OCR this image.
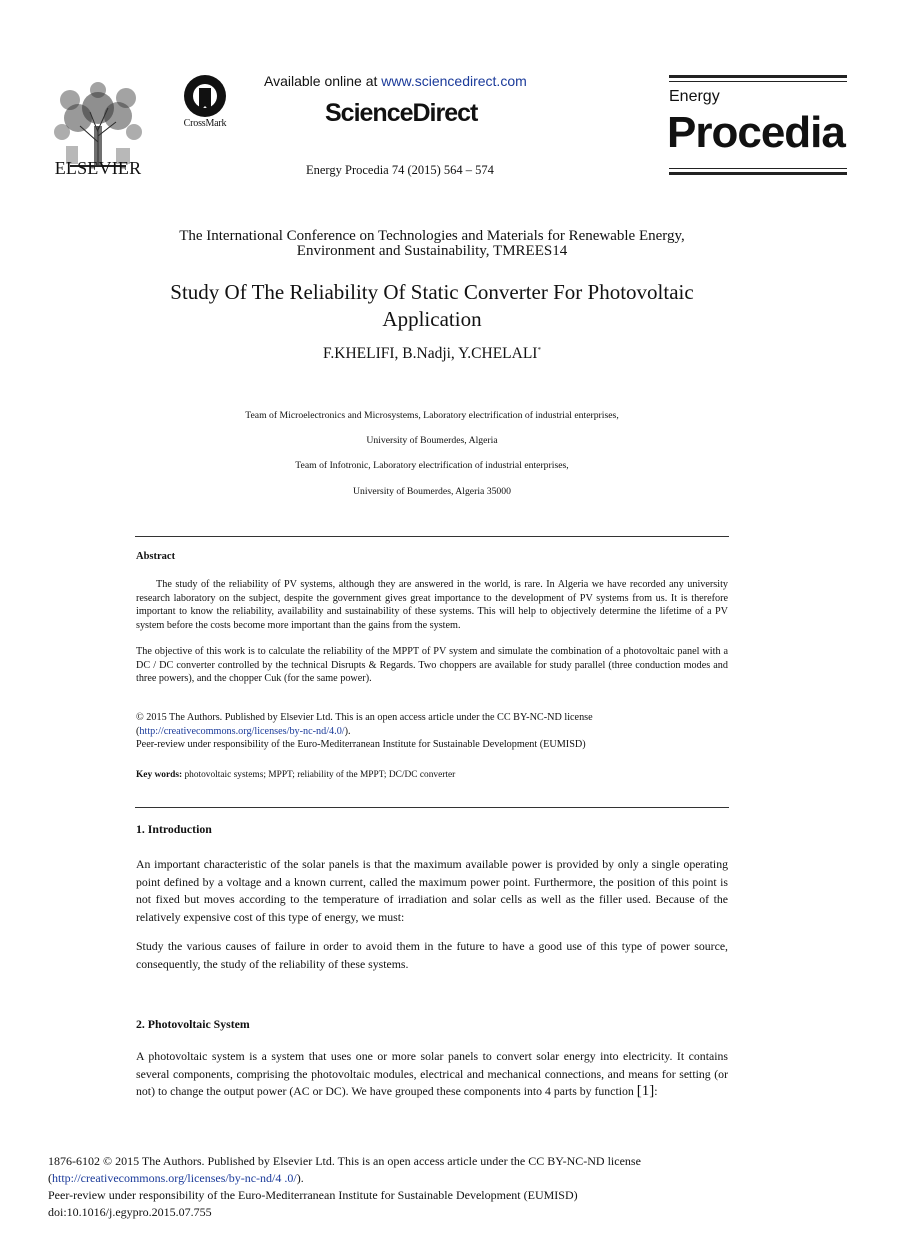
ELSEVIER
CrossMark
Available online at www.sciencedirect.com
ScienceDirect
Energy Procedia 74 (2015) 564 – 574
Energy
Procedia
The International Conference on Technologies and Materials for Renewable Energy,
Environment and Sustainability, TMREES14
Study Of The Reliability Of Static Converter For Photovoltaic
Application
F.KHELIFI, B.Nadji, Y.CHELALI*
Team of Microelectronics and Microsystems, Laboratory electrification of industrial enterprises,
University of Boumerdes, Algeria
Team of Infotronic, Laboratory electrification of industrial enterprises,
University of Boumerdes, Algeria 35000
Abstract
The study of the reliability of PV systems, although they are answered in the world, is rare. In Algeria we have recorded any university research laboratory on the subject, despite the government gives great importance to the development of PV systems from us. It is therefore important to know the reliability, availability and sustainability of these systems. This will help to objectively determine the lifetime of a PV system before the costs become more important than the gains from the system.
The objective of this work is to calculate the reliability of the MPPT of PV system and simulate the combination of a photovoltaic panel with a DC / DC converter controlled by the technical Disrupts & Regards. Two choppers are available for study parallel (three conduction modes and three powers), and the chopper Cuk (for the same power).
© 2015 The Authors. Published by Elsevier Ltd. This is an open access article under the CC BY-NC-ND license
(http://creativecommons.org/licenses/by-nc-nd/4.0/).
Peer-review under responsibility of the Euro-Mediterranean Institute for Sustainable Development (EUMISD)
Key words: photovoltaic systems; MPPT; reliability of the MPPT; DC/DC converter
1. Introduction
An important characteristic of the solar panels is that the maximum available power is provided by only a single operating point defined by a voltage and a known current, called the maximum power point. Furthermore, the position of this point is not fixed but moves according to the temperature of irradiation and solar cells as well as the filler used. Because of the relatively expensive cost of this type of energy, we must:
Study the various causes of failure in order to avoid them in the future to have a good use of this type of power source, consequently, the study of the reliability of these systems.
2. Photovoltaic System
A photovoltaic system is a system that uses one or more solar panels to convert solar energy into electricity. It contains several components, comprising the photovoltaic modules, electrical and mechanical connections, and means for setting (or not) to change the output power (AC or DC). We have grouped these components into 4 parts by function [1]:
1876-6102 © 2015 The Authors. Published by Elsevier Ltd. This is an open access article under the CC BY-NC-ND license
(http://creativecommons.org/licenses/by-nc-nd/4 .0/).
Peer-review under responsibility of the Euro-Mediterranean Institute for Sustainable Development (EUMISD)
doi:10.1016/j.egypro.2015.07.755
